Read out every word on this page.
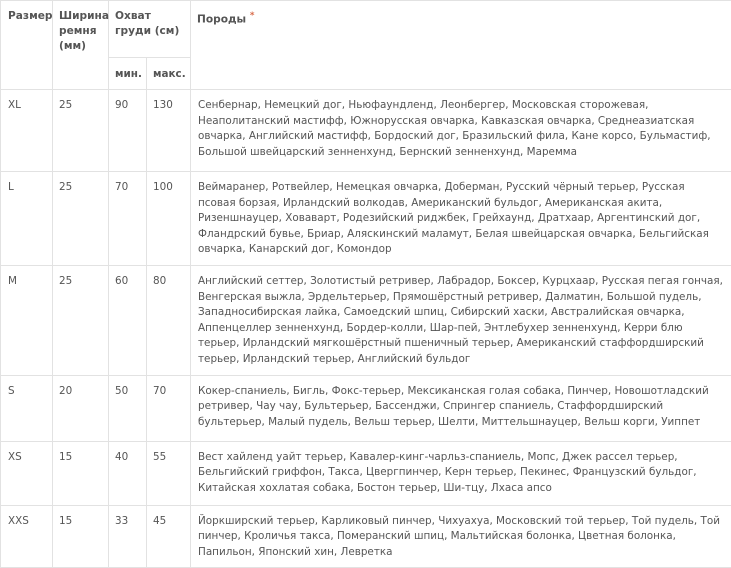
Размер	Ширина ремня (мм)	Охват груди (см)		Породы *
		мин.	макс.	
XL	25	90	130	Сенбернар, Немецкий дог, Ньюфаундленд, Леонбергер, Московская сторожевая, Неаполитанский мастифф, Южнорусская овчарка, Кавказская овчарка, Среднеазиатская овчарка, Английский мастифф, Бордоский дог, Бразильский фила, Кане корсо, Бульмастиф, Большой швейцарский зенненхунд, Бернский зенненхунд, Маремма
L	25	70	100	Веймаранер, Ротвейлер, Немецкая овчарка, Доберман, Русский чёрный терьер, Русская псовая борзая, Ирландский волкодав, Американский бульдог, Американская акита, Ризеншнауцер, Ховаварт, Родезийский риджбек, Грейхаунд, Дратхаар, Аргентинский дог, Фландрский бувье, Бриар, Аляскинский маламут, Белая швейцарская овчарка, Бельгийская овчарка, Канарский дог, Комондор
M	25	60	80	Английский сеттер, Золотистый ретривер, Лабрадор, Боксер, Курцхаар, Русская пегая гончая, Венгерская выжла, Эрдельтерьер, Прямошёрстный ретривер, Далматин, Большой пудель, Западносибирская лайка, Самоедский шпиц, Сибирский хаски, Австралийская овчарка, Аппенцеллер зенненхунд, Бордер-колли, Шар-пей, Энтлебухер зенненхунд, Керри блю терьер, Ирландский мягкошёрстный пшеничный терьер, Американский стаффордширский терьер, Ирландский терьер, Английский бульдог
S	20	50	70	Кокер-спаниель, Бигль, Фокс-терьер, Мексиканская голая собака, Пинчер, Новошотладский ретривер, Чау чау, Бультерьер, Бассенджи, Спрингер спаниель, Стаффордширский бультерьер, Малый пудель, Вельш терьер, Шелти, Миттельшнауцер, Вельш корги, Уиппет
XS	15	40	55	Вест хайленд уайт терьер, Кавалер-кинг-чарльз-спаниель, Мопс, Джек рассел терьер, Бельгийский гриффон, Такса, Цвергпинчер, Керн терьер, Пекинес, Французский бульдог, Китайская хохлатая собака, Бостон терьер, Ши-тцу, Лхаса апсо
XXS	15	33	45	Йоркширский терьер, Карликовый пинчер, Чихуахуа, Московский той терьер, Той пудель, Той пинчер, Кроличья такса, Померанский шпиц, Мальтийская болонка, Цветная болонка, Папильон, Японский хин, Левретка
